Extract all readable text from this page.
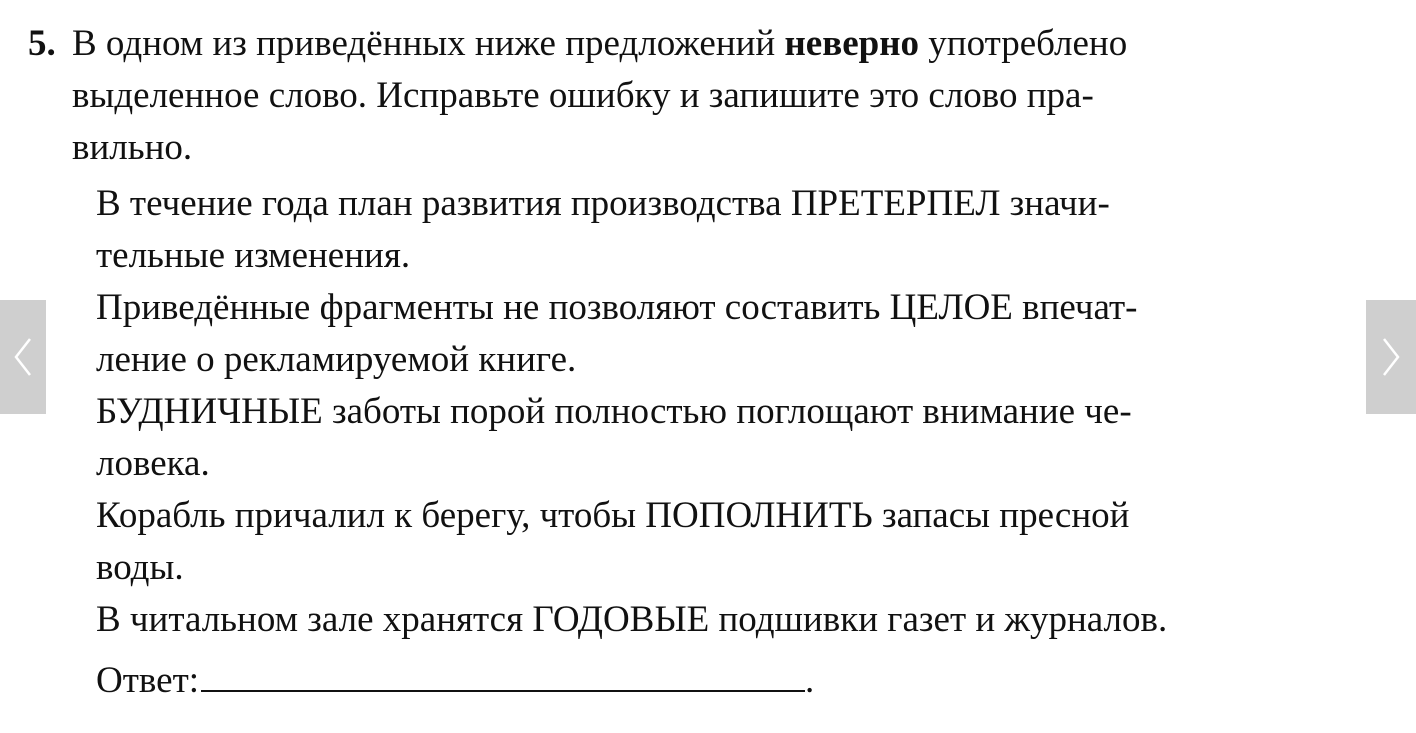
5. В одном из приведённых ниже предложений неверно употреблено

выделенное слово. Исправьте ошибку и запишите это слово пра-

вильно.

В течение года план развития производства ПРЕТЕРПЕЛ значи-
тельные изменения.

Приведённые фрагменты не позволяют составить ЦЕЛОЕ впечат-
ление о рекламируемой книге.

БУДНИЧНЫЕ заботы порой полностью поглощают внимание че-
ловека.

Корабль причалил к берегу, чтобы ПОПОЛНИТЬ запасы пресной
воды.

В читальном зале хранятся ГОДОВЫЕ подшивки газет и журналов.

Ответ:	.
